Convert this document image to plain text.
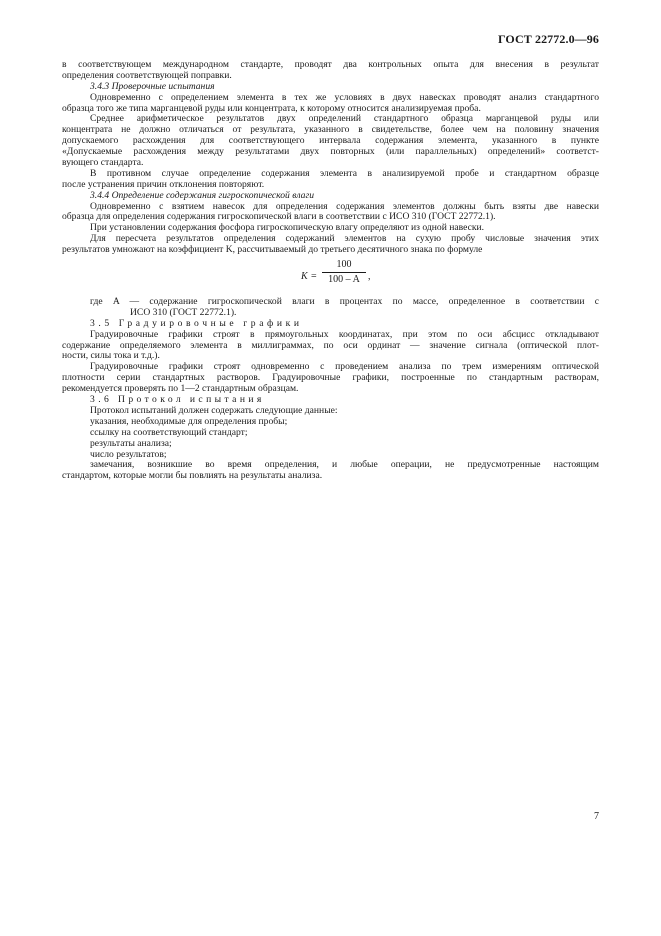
ГОСТ 22772.0—96
в соответствующем международном стандарте, проводят два контрольных опыта для внесения в результат
определения соответствующей поправки.
3.4.3 Проверочные испытания
Одновременно с определением элемента в тех же условиях в двух навесках проводят анализ стандартного
образца того же типа марганцевой руды или концентрата, к которому относится анализируемая проба.
Среднее арифметическое результатов двух определений стандартного образца марганцевой руды или
концентрата не должно отличаться от результата, указанного в свидетельстве, более чем на половину значения
допускаемого расхождения для соответствующего интервала содержания элемента, указанного в пункте
«Допускаемые расхождения между результатами двух повторных (или параллельных) определений» соответст-
вующего стандарта.
В противном случае определение содержания элемента в анализируемой пробе и стандартном образце
после устранения причин отклонения повторяют.
3.4.4 Определение содержания гигроскопической влаги
Одновременно с взятием навесок для определения содержания элементов должны быть взяты две навески
образца для определения содержания гигроскопической влаги в соответствии с ИСО 310 (ГОСТ 22772.1).
При установлении содержания фосфора гигроскопическую влагу определяют из одной навески.
Для пересчета результатов определения содержаний элементов на сухую пробу числовые значения этих
результатов умножают на коэффициент K, рассчитываемый до третьего десятичного знака по формуле
K =
100
100 – A ,
где A — содержание гигроскопической влаги в процентах по массе, определенное в соответствии с
ИСО 310 (ГОСТ 22772.1).
3.5 Градуировочные графики
Градуировочные графики строят в прямоугольных координатах, при этом по оси абсцисс откладывают
содержание определяемого элемента в миллиграммах, по оси ординат — значение сигнала (оптической плот-
ности, силы тока и т.д.).
Градуировочные графики строят одновременно с проведением анализа по трем измерениям оптической
плотности серии стандартных растворов. Градуировочные графики, построенные по стандартным растворам,
рекомендуется проверять по 1—2 стандартным образцам.
3.6 Протокол испытания
Протокол испытаний должен содержать следующие данные:
указания, необходимые для определения пробы;
ссылку на соответствующий стандарт;
результаты анализа;
число результатов;
замечания, возникшие во время определения, и любые операции, не предусмотренные настоящим
стандартом, которые могли бы повлиять на результаты анализа.
7
